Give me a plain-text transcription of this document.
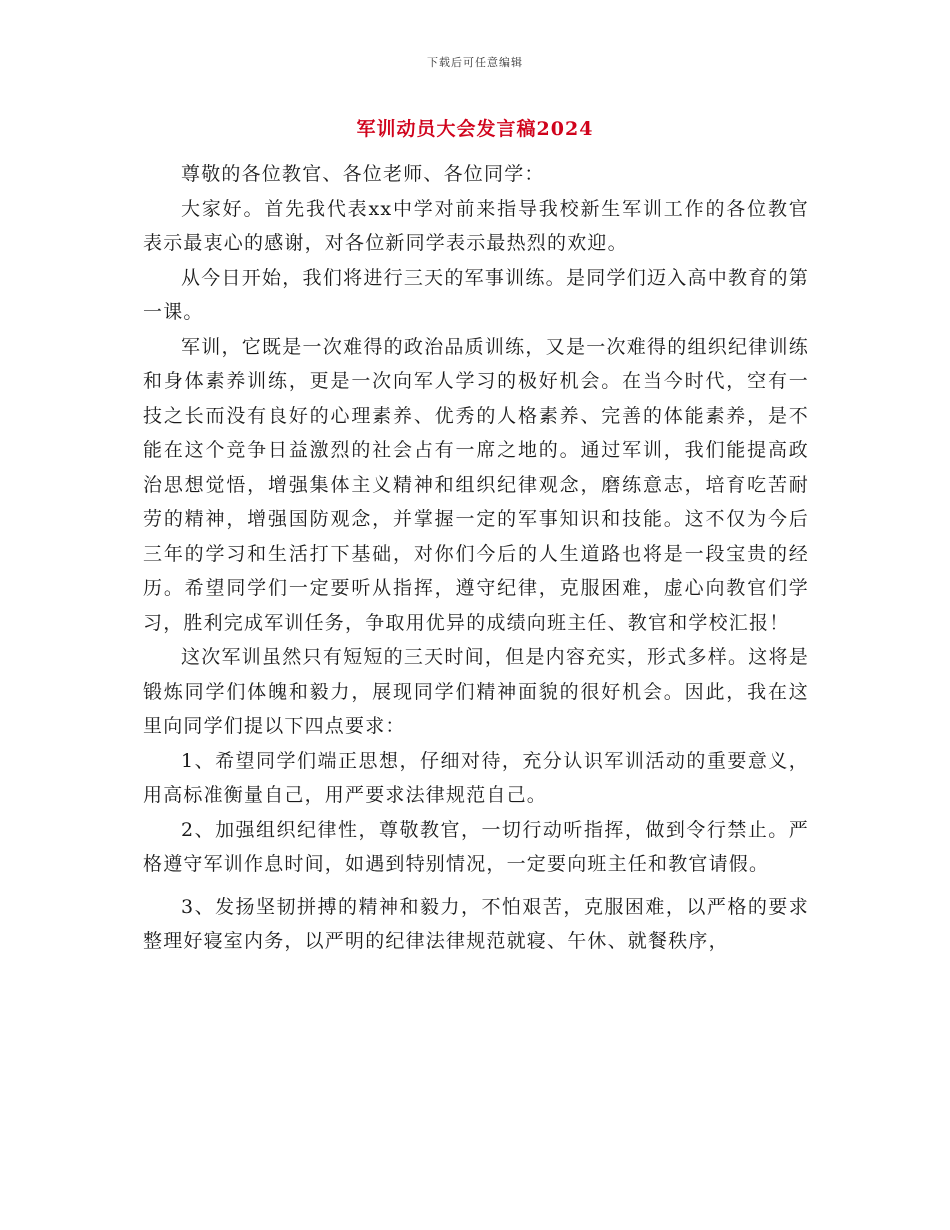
下载后可任意编辑
军训动员大会发言稿2024

尊敬的各位教官、各位老师、各位同学：

大家好。首先我代表xx中学对前来指导我校新生军训工作的各位教官表示最衷心的感谢，对各位新同学表示最热烈的欢迎。

从今日开始，我们将进行三天的军事训练。是同学们迈入高中教育的第一课。

军训，它既是一次难得的政治品质训练，又是一次难得的组织纪律训练和身体素养训练，更是一次向军人学习的极好机会。在当今时代，空有一技之长而没有良好的心理素养、优秀的人格素养、完善的体能素养，是不能在这个竞争日益激烈的社会占有一席之地的。通过军训，我们能提高政治思想觉悟，增强集体主义精神和组织纪律观念，磨练意志，培育吃苦耐劳的精神，增强国防观念，并掌握一定的军事知识和技能。这不仅为今后三年的学习和生活打下基础，对你们今后的人生道路也将是一段宝贵的经历。希望同学们一定要听从指挥，遵守纪律，克服困难，虚心向教官们学习，胜利完成军训任务，争取用优异的成绩向班主任、教官和学校汇报！

这次军训虽然只有短短的三天时间，但是内容充实，形式多样。这将是锻炼同学们体魄和毅力，展现同学们精神面貌的很好机会。因此，我在这里向同学们提以下四点要求：

1、希望同学们端正思想，仔细对待，充分认识军训活动的重要意义，用高标准衡量自己，用严要求法律规范自己。

2、加强组织纪律性，尊敬教官，一切行动听指挥，做到令行禁止。严格遵守军训作息时间，如遇到特别情况，一定要向班主任和教官请假。

3、发扬坚韧拼搏的精神和毅力，不怕艰苦，克服困难，以严格的要求整理好寝室内务，以严明的纪律法律规范就寝、午休、就餐秩序，
